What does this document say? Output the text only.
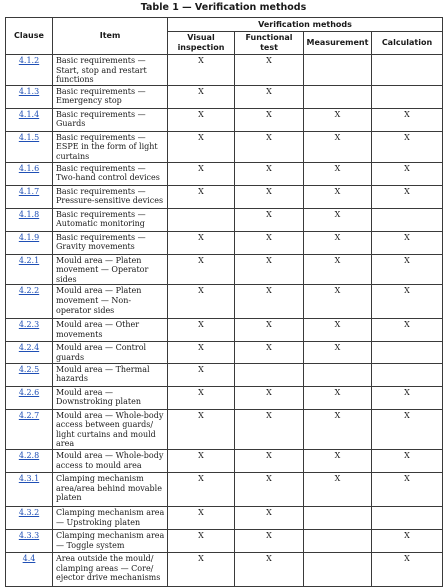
Table 1 — Verification methods
Clause	Item	Verification methods			
		Visual inspection	Functional test	Measurement	Calculation
4.1.2	Basic requirements — Start, stop and restart functions	X	X		
4.1.3	Basic requirements — Emergency stop	X	X		
4.1.4	Basic requirements — Guards	X	X	X	X
4.1.5	Basic requirements — ESPE in the form of light curtains	X	X	X	X
4.1.6	Basic requirements — Two-hand control devices	X	X	X	X
4.1.7	Basic requirements — Pressure-sensitive devices	X	X	X	X
4.1.8	Basic requirements — Automatic monitoring		X	X	
4.1.9	Basic requirements — Gravity movements	X	X	X	X
4.2.1	Mould area — Platen movement — Operator sides	X	X	X	X
4.2.2	Mould area — Platen movement — Non-operator sides	X	X	X	X
4.2.3	Mould area — Other movements	X	X	X	X
4.2.4	Mould area — Control guards	X	X	X	
4.2.5	Mould area — Thermal hazards	X			
4.2.6	Mould area — Downstroking platen	X	X	X	X
4.2.7	Mould area — Whole-body access between guards/ light curtains and mould area	X	X	X	X
4.2.8	Mould area — Whole-body access to mould area	X	X	X	X
4.3.1	Clamping mechanism area/area behind movable platen	X	X	X	X
4.3.2	Clamping mechanism area — Upstroking platen	X	X		
4.3.3	Clamping mechanism area — Toggle system	X	X		X
4.4	Area outside the mould/ clamping areas — Core/ ejector drive mechanisms	X	X		X
